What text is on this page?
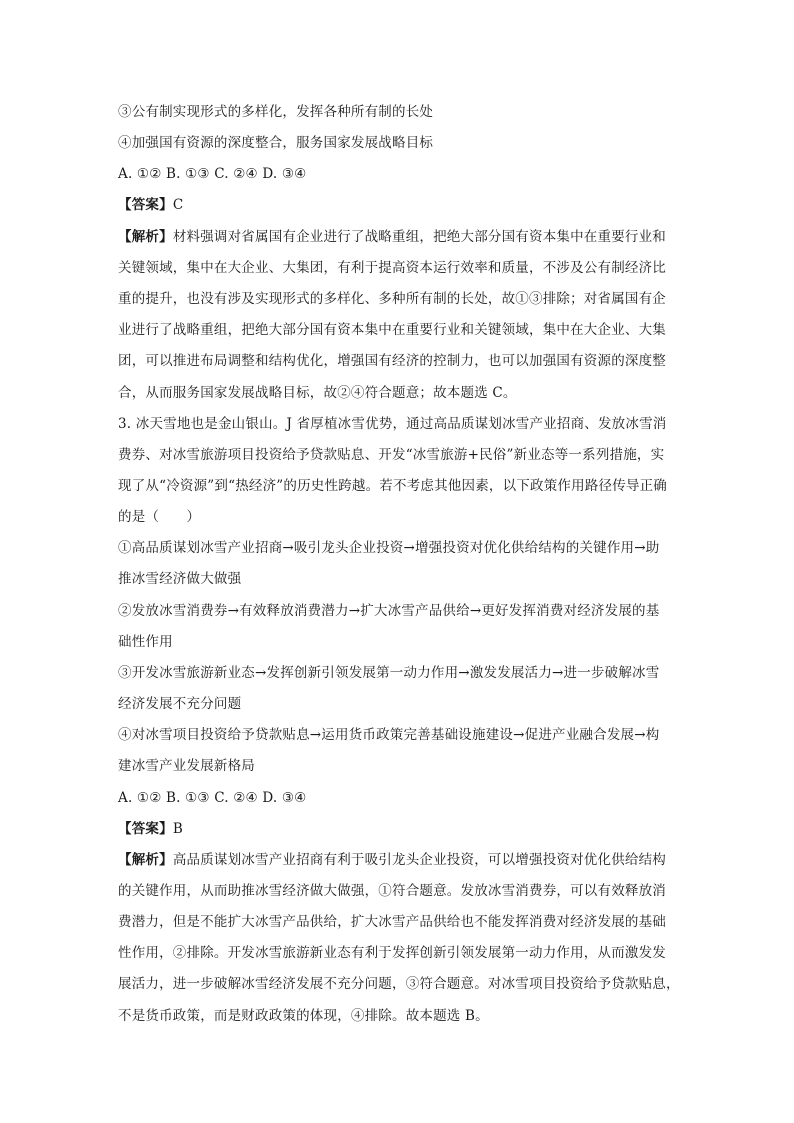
③公有制实现形式的多样化，发挥各种所有制的长处
④加强国有资源的深度整合，服务国家发展战略目标
A. ①② B. ①③ C. ②④ D. ③④
【答案】C
【解析】材料强调对省属国有企业进行了战略重组，把绝大部分国有资本集中在重要行业和
关键领域，集中在大企业、大集团，有利于提高资本运行效率和质量，不涉及公有制经济比
重的提升，也没有涉及实现形式的多样化、多种所有制的长处，故①③排除；对省属国有企
业进行了战略重组，把绝大部分国有资本集中在重要行业和关键领域，集中在大企业、大集
团，可以推进布局调整和结构优化，增强国有经济的控制力，也可以加强国有资源的深度整
合，从而服务国家发展战略目标，故②④符合题意；故本题选 C。
3. 冰天雪地也是金山银山。J 省厚植冰雪优势，通过高品质谋划冰雪产业招商、发放冰雪消
费券、对冰雪旅游项目投资给予贷款贴息、开发“冰雪旅游+民俗”新业态等一系列措施，实
现了从“冷资源”到“热经济”的历史性跨越。若不考虑其他因素，以下政策作用路径传导正确
的是（　　）
①高品质谋划冰雪产业招商→吸引龙头企业投资→增强投资对优化供给结构的关键作用→助
推冰雪经济做大做强
②发放冰雪消费券→有效释放消费潜力→扩大冰雪产品供给→更好发挥消费对经济发展的基
础性作用
③开发冰雪旅游新业态→发挥创新引领发展第一动力作用→激发发展活力→进一步破解冰雪
经济发展不充分问题
④对冰雪项目投资给予贷款贴息→运用货币政策完善基础设施建设→促进产业融合发展→构
建冰雪产业发展新格局
A. ①② B. ①③ C. ②④ D. ③④
【答案】B
【解析】高品质谋划冰雪产业招商有利于吸引龙头企业投资，可以增强投资对优化供给结构
的关键作用，从而助推冰雪经济做大做强，①符合题意。发放冰雪消费券，可以有效释放消
费潜力，但是不能扩大冰雪产品供给，扩大冰雪产品供给也不能发挥消费对经济发展的基础
性作用，②排除。开发冰雪旅游新业态有利于发挥创新引领发展第一动力作用，从而激发发
展活力，进一步破解冰雪经济发展不充分问题，③符合题意。对冰雪项目投资给予贷款贴息，
不是货币政策，而是财政政策的体现，④排除。故本题选 B。
